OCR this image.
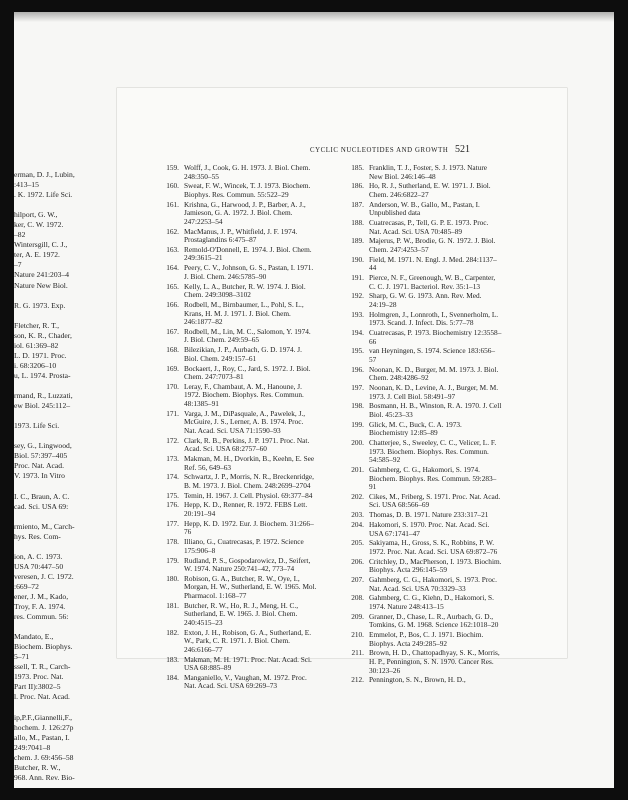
erman, D. J., Lubin,
:413–15
. K. 1972. Life Sci.

hilport, G. W.,
ker, C. W. 1972.
–82
Wintersgill, C. J.,
ter, A. E. 1972.
–7
Nature 241:203–4
Nature New Biol.

R. G. 1973. Exp.

Fletcher, R. T.,
son, K. R., Chader,
iol. 61:369–82
L. D. 1971. Proc.
i. 68:3206–10
u, L. 1974. Prosta-

rmand, R., Luzzati,
ew Biol. 245:112–

1973. Life Sci.

sey, G., Lingwood,
Biol. 57:397–405
Proc. Nat. Acad.
V. 1973. In Vitro

I. C., Braun, A. C.
cad. Sci. USA 69:

rmiento, M., Carch-
hys. Res. Com-

ion, A. C. 1973.
USA 70:447–50
veresen, J. C. 1972.
:669–72
ener, J. M., Kado,
Troy, F. A. 1974.
res. Commun. 56:

Mandato, E.,
Biochem. Biophys.
5–71
ssell, T. R., Carch-
1973. Proc. Nat.
Part II):3802–5
l. Proc. Nat. Acad.

ip,P.F.,Giannelli,F.,
hochem. J. 126:27p
allo, M., Pastan, I.
249:7041–8
chem. J. 69:456–58
Butcher, R. W.,
968. Ann. Rev. Bio-
CYCLIC NUCLEOTIDES AND GROWTH 521
159. Wolff, J., Cook, G. H. 1973. J. Biol. Chem. 248:350–55
160. Sweat, F. W., Wincek, T. J. 1973. Biochem. Biophys. Res. Commun. 55:522–29
161. Krishna, G., Harwood, J. P., Barber, A. J., Jamieson, G. A. 1972. J. Biol. Chem. 247:2253–54
162. MacManus, J. P., Whitfield, J. F. 1974. Prostaglandins 6:475–87
163. Remold-O'Donnell, E. 1974. J. Biol. Chem. 249:3615–21
164. Peery, C. V., Johnson, G. S., Pastan, I. 1971. J. Biol. Chem. 246:5785–90
165. Kelly, L. A., Butcher, R. W. 1974. J. Biol. Chem. 249:3098–3102
166. Rodbell, M., Birnbaumer, L., Pohl, S. L., Krans, H. M. J. 1971. J. Biol. Chem. 246:1877–82
167. Rodbell, M., Lin, M. C., Salomon, Y. 1974. J. Biol. Chem. 249:59–65
168. Bilezikian, J. P., Aurbach, G. D. 1974. J. Biol. Chem. 249:157–61
169. Bockaert, J., Roy, C., Jard, S. 1972. J. Biol. Chem. 247:7073–81
170. Leray, F., Chambaut, A. M., Hanoune, J. 1972. Biochem. Biophys. Res. Commun. 48:1385–91
171. Varga, J. M., DiPasquale, A., Pawelek, J., McGuire, J. S., Lerner, A. B. 1974. Proc. Nat. Acad. Sci. USA 71:1590–93
172. Clark, R. B., Perkins, J. P. 1971. Proc. Nat. Acad. Sci. USA 68:2757–60
173. Makman, M. H., Dvorkin, B., Keehn, E. See Ref. 56, 649–63
174. Schwartz, J. P., Morris, N. R., Breckenridge, B. M. 1973. J. Biol. Chem. 248:2699–2704
175. Temin, H. 1967. J. Cell. Physiol. 69:377–84
176. Hepp, K. D., Renner, R. 1972. FEBS Lett. 20:191–94
177. Hepp, K. D. 1972. Eur. J. Biochem. 31:266–76
178. Illiano, G., Cuatrecasas, P. 1972. Science 175:906–8
179. Rudland, P. S., Gospodarowicz, D., Seifert, W. 1974. Nature 250:741–42, 773–74
180. Robison, G. A., Butcher, R. W., Oye, I., Morgan, H. W., Sutherland, E. W. 1965. Mol. Pharmacol. 1:168–77
181. Butcher, R. W., Ho, R. J., Meng, H. C., Sutherland, E. W. 1965. J. Biol. Chem. 240:4515–23
182. Exton, J. H., Robison, G. A., Sutherland, E. W., Park, C. R. 1971. J. Biol. Chem. 246:6166–77
183. Makman, M. H. 1971. Proc. Nat. Acad. Sci. USA 68:885–89
184. Manganiello, V., Vaughan, M. 1972. Proc. Nat. Acad. Sci. USA 69:269–73
185. Franklin, T. J., Foster, S. J. 1973. Nature New Biol. 246:146–48
186. Ho, R. J., Sutherland, E. W. 1971. J. Biol. Chem. 246:6822–27
187. Anderson, W. B., Gallo, M., Pastan, I. Unpublished data
188. Cuatrecasas, P., Tell, G. P. E. 1973. Proc. Nat. Acad. Sci. USA 70:485–89
189. Majerus, P. W., Brodie, G. N. 1972. J. Biol. Chem. 247:4253–57
190. Field, M. 1971. N. Engl. J. Med. 284:1137–44
191. Pierce, N. F., Greenough, W. B., Carpenter, C. C. J. 1971. Bacteriol. Rev. 35:1–13
192. Sharp, G. W. G. 1973. Ann. Rev. Med. 24:19–28
193. Holmgren, J., Lonnroth, I., Svennerholm, L. 1973. Scand. J. Infect. Dis. 5:77–78
194. Cuatrecasas, P. 1973. Biochemistry 12:3558–66
195. van Heyningen, S. 1974. Science 183:656–57
196. Noonan, K. D., Burger, M. M. 1973. J. Biol. Chem. 248:4286–92
197. Noonan, K. D., Levine, A. J., Burger, M. M. 1973. J. Cell Biol. 58:491–97
198. Bosmann, H. B., Winston, R. A. 1970. J. Cell Biol. 45:23–33
199. Glick, M. C., Buck, C. A. 1973. Biochemistry 12:85–89
200. Chatterjee, S., Sweeley, C. C., Velicer, L. F. 1973. Biochem. Biophys. Res. Commun. 54:585–92
201. Gahmberg, C. G., Hakomori, S. 1974. Biochem. Biophys. Res. Commun. 59:283–91
202. Cikes, M., Friberg, S. 1971. Proc. Nat. Acad. Sci. USA 68:566–69
203. Thomas, D. B. 1971. Nature 233:317–21
204. Hakomori, S. 1970. Proc. Nat. Acad. Sci. USA 67:1741–47
205. Sakiyama, H., Gross, S. K., Robbins, P. W. 1972. Proc. Nat. Acad. Sci. USA 69:872–76
206. Critchley, D., MacPherson, I. 1973. Biochim. Biophys. Acta 296:145–59
207. Gahmberg, C. G., Hakomori, S. 1973. Proc. Nat. Acad. Sci. USA 70:3329–33
208. Gahmberg, C. G., Kiehn, D., Hakomori, S. 1974. Nature 248:413–15
209. Granner, D., Chase, L. R., Aurbach, G. D., Tomkins, G. M. 1968. Science 162:1018–20
210. Emmelot, P., Bos, C. J. 1971. Biochim. Biophys. Acta 249:285–92
211. Brown, H. D., Chattopadhyay, S. K., Morris, H. P., Pennington, S. N. 1970. Cancer Res. 30:123–26
212. Pennington, S. N., Brown, H. D.,
